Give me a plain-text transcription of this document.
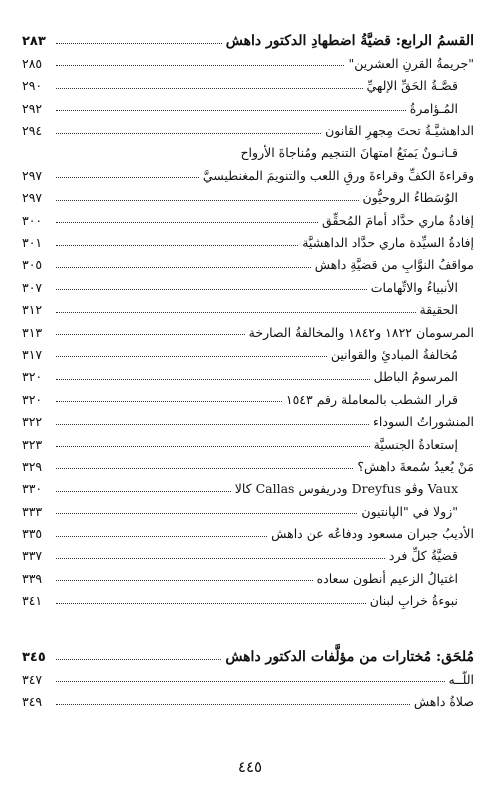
القسمُ الرابع: قضيَّةُ اضطهادِ الدكتور داهش
٢٨٣
"جريمةُ القرنِ العشرين"
٢٨٥
قصَّـةُ الحَقِّ الإلهيِّ
٢٩٠
المُـؤامرةُ
٢٩٢
الداهشيَّـةُ تحتَ مِجهرِ القانون
٢٩٤
قـانـونٌ يَمنَعُ امتهانَ التنجيم ومُناجاةَ الأرواح
وقراءةَ الكفِّ وقراءةَ ورقِ اللعب والتنويمَ المغنطيسيَّ
٢٩٧
الوُسَطاءُ الروحيُّون
٢٩٧
إفادةُ ماري حدَّاد أمامَ المُحقِّق
٣٠٠
إفادةُ السيِّدة ماري حدَّاد الداهشيَّة
٣٠١
مواقفُ النوَّابِ من قضيَّةِ داهش
٣٠٥
الأنبياءُ والاتِّهامات
٣٠٧
الحقيقة
٣١٢
المرسومان ١٨٢٢ و١٨٤٢ والمخالفةُ الصارخة
٣١٣
مُخالفةُ المبادئِ والقوانين
٣١٧
المرسومُ الباطل
٣٢٠
قرار الشطب بالمعاملة رقم ١٥٤٣
٣٢٠
المنشوراتُ السوداء
٣٢٢
إستعادةُ الجنسيَّة
٣٢٣
مَنْ يُعيدُ سُمعةَ داهش؟
٣٢٩
كالا Callas ودريفوس Dreyfus وڤو Vaux
٣٣٠
زولا في "الپانتيون"
٣٣٣
الأديبُ جبران مسعود ودفاعُه عن داهش
٣٣٥
قضيَّةُ كلِّ فرد
٣٣٧
اغتيالُ الزعيم أنطون سعاده
٣٣٩
نبوءةُ خرابِ لبنان
٣٤١
مُلحَق: مُختارات من مؤلَّفات الدكتور داهش
٣٤٥
اللّــه
٣٤٧
صلاةُ داهش
٣٤٩
٤٤٥
